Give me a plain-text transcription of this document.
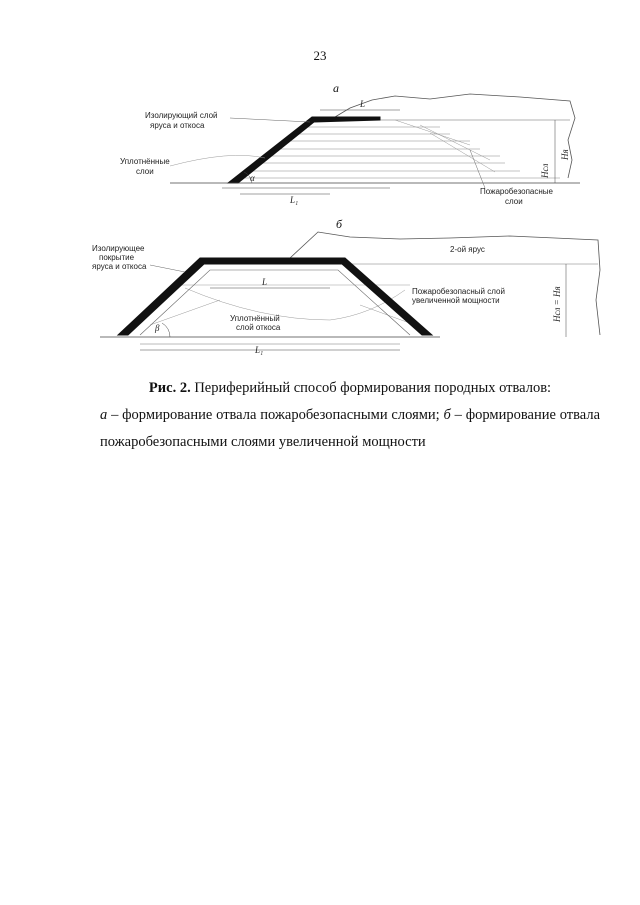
23
а
L
L₁
α	Hсл
Hя
Изолирующий слой
яруса и откоса
Уплотнённые
слои
Пожаробезопасные
слои
б
L
L₁
β
Hсл = Hя
Изолирующее
покрытие
яруса и откоса
2-ой ярус
Пожаробезопасный слой
увеличенной мощности
Уплотнённый
слой откоса
Рис. 2. Периферийный способ формирования породных отвалов:
а – формирование отвала пожаробезопасными слоями; б – формирование отвала пожаробезопасными слоями увеличенной мощности
